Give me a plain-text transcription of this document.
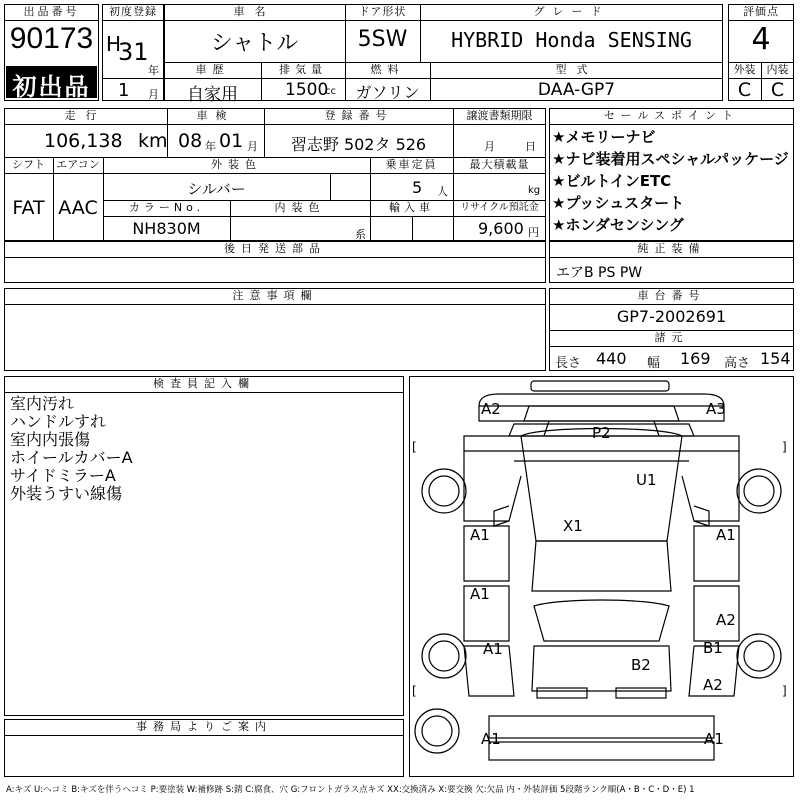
出品番号
90173
初出品
初度登録
H
31
年
1 月
車名
シャトル
ドア形状
5SW
グレード
HYBRID Honda SENSING
車歴
自家用
排気量
1500
cc
燃料
ガソリン
型式
DAA-GP7
評価点
4
外装	内装
C	C
走行
106,138 km
車検
08 年 01 月
登録番号
習志野 502タ 526
譲渡書類期限
月	日
シフト
FAT
エアコン
AAC
外装色
シルバー
乗車定員
5 人
最大積載量
kg
カラーNo.
NH830M
内装色
系
輸入車	リサイクル預託金
9,600 円
セールスポイント
★メモリーナビ
★ナビ装着用スペシャルパッケージ
★ビルトインETC
★プッシュスタート
★ホンダセンシング
後日発送部品	純正装備
エアB PS PW
注意事項欄	車台番号
GP7-2002691
諸元
長さ 440 幅 169 高さ 154
検査員記入欄
室内汚れ
ハンドルすれ
室内内張傷
ホイールカバーA
サイドミラーA
外装うすい線傷
事務局よりご案内
A2	A3
P2
U1
X1
A1	A1
A1
A1
A2
B1
B2
A2
A1	A1
[	]
[	]
A:キズ U:ヘコミ B:キズを伴うヘコミ P:要塗装 W:補修跡 S:錆 C:腐食、穴 G:フロントガラス点キズ XX:交換済み X:要交換 欠:欠品 内・外装評価 5段階ランク順(A・B・C・D・E) 1
